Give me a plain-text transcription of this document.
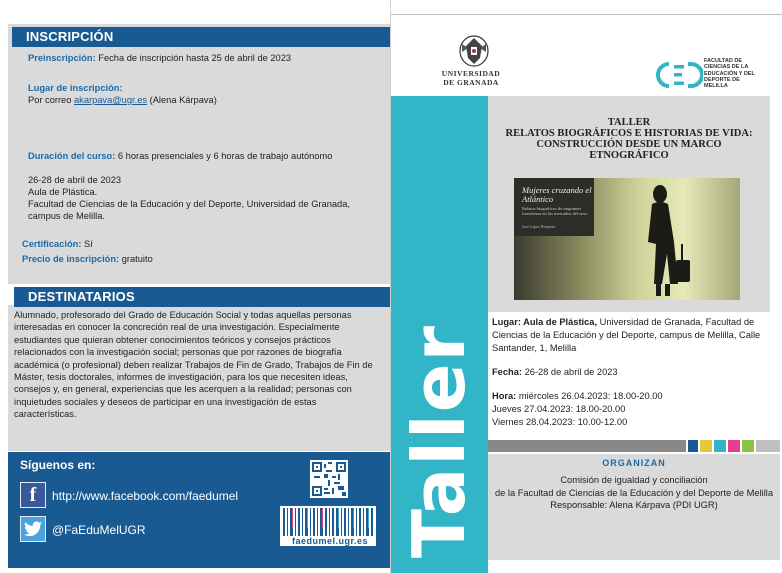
INSCRIPCIÓN
Preinscripción: Fecha de inscripción hasta 25 de abril de 2023
Lugar de inscripción:
Por correo akarpava@ugr.es (Alena Kárpava)
Duración del curso: 6 horas presenciales y 6 horas de trabajo autónomo
26-28 de abril de 2023
Aula de Plástica.
Facultad de Ciencias de la Educación y del Deporte, Universidad de Granada,
campus de Melilla.
Certificación: Sí
Precio de inscripción: gratuito
DESTINATARIOS
Alumnado, profesorado del Grado de Educación Social y todas aquellas personas interesadas en conocer la concreción real de una investigación. Especialmente estudiantes que quieran obtener conocimientos teóricos y consejos prácticos relacionados con la investigación social; personas que por razones de biografía académica (o profesional) deben realizar Trabajos de Fin de Grado, Trabajos de Fin de Máster, tesis doctorales, informes de investigación, para los que necesiten ideas, consejos y, en general, experiencias que les acerquen a la realidad; personas con inquietudes sociales y deseos de participar en una investigación de estas características.
Síguenos en:
f	http://www.facebook.com/faedumel
@FaEduMelUGR
faedumel.ugr.es Taller
UNIVERSIDAD
DE GRANADA
FACULTAD DE CIENCIAS DE LA EDUCACIÓN Y DEL DEPORTE DE MELILLA
TALLER
RELATOS BIOGRÁFICOS E HISTORIAS DE VIDA:
CONSTRUCCIÓN DESDE UN MARCO
ETNOGRÁFICO
Mujeres cruzando el Atlántico
Relatos biográficos de migrantes fronterizas en los mercados del sexo
José López Riopedre
Lugar: Aula de Plástica, Universidad de Granada, Facultad de Ciencias de la Educación y del Deporte, campus de Melilla, Calle Santander, 1, Melilla
Fecha: 26-28 de abril de 2023
Hora: miércoles 26.04.2023: 18.00-20.00
Jueves 27.04.2023: 18.00-20.00
Viernes 28.04.2023: 10.00-12.00
ORGANIZAN
Comisión de igualdad y conciliación
de la Facultad de Ciencias de la Educación y del Deporte de Melilla
Responsable: Alena Kárpava (PDI UGR)
